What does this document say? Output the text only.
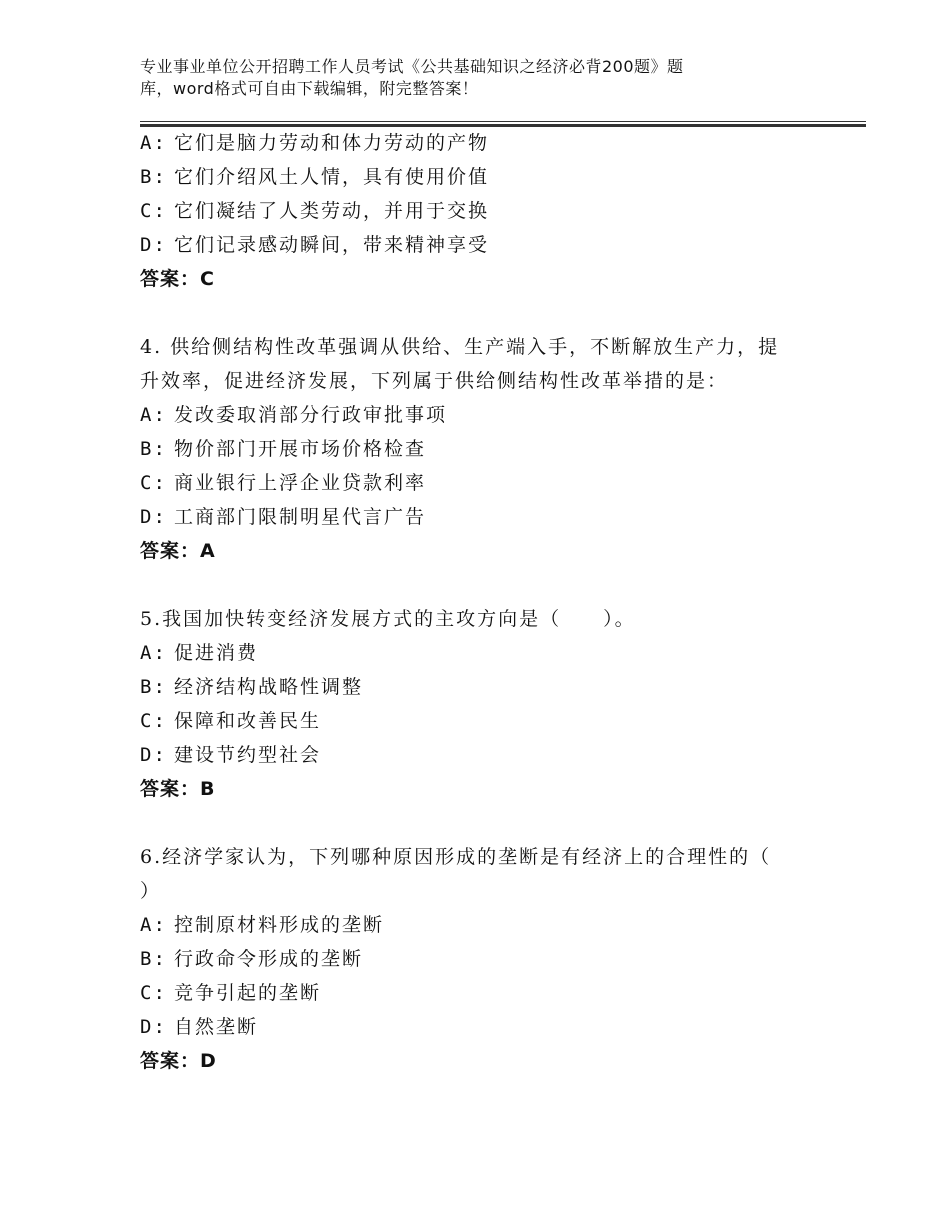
专业事业单位公开招聘工作人员考试《公共基础知识之经济必背200题》题
库，word格式可自由下载编辑，附完整答案！
A: 它们是脑力劳动和体力劳动的产物
B: 它们介绍风土人情，具有使用价值
C: 它们凝结了人类劳动，并用于交换
D: 它们记录感动瞬间，带来精神享受
答案：C
4. 供给侧结构性改革强调从供给、生产端入手，不断解放生产力，提
升效率，促进经济发展，下列属于供给侧结构性改革举措的是：
A: 发改委取消部分行政审批事项
B: 物价部门开展市场价格检查
C: 商业银行上浮企业贷款利率
D: 工商部门限制明星代言广告
答案：A
5.我国加快转变经济发展方式的主攻方向是（　　）。
A: 促进消费
B: 经济结构战略性调整
C: 保障和改善民生
D: 建设节约型社会
答案：B
6.经济学家认为，下列哪种原因形成的垄断是有经济上的合理性的（
）
A: 控制原材料形成的垄断
B: 行政命令形成的垄断
C: 竞争引起的垄断
D: 自然垄断
答案：D
